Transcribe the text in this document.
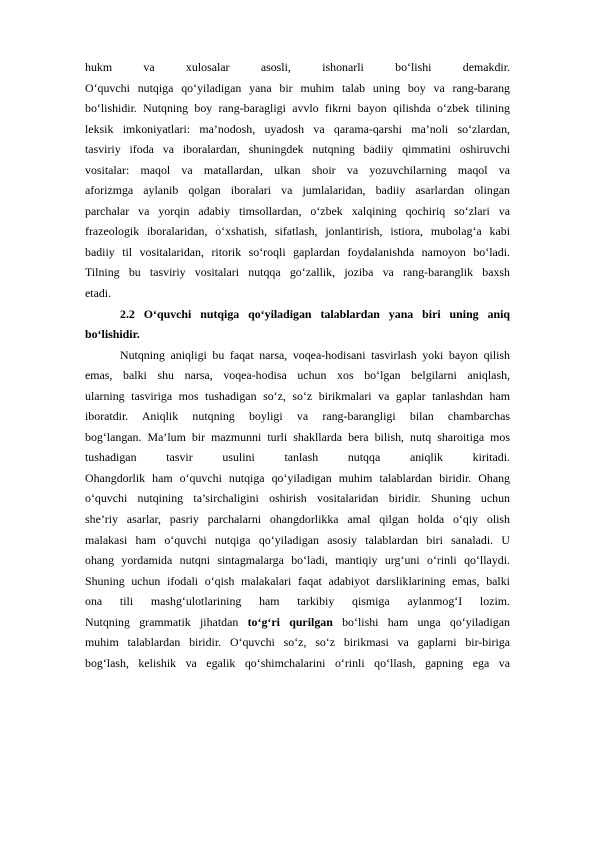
hukm va xulosalar asosli, ishonarli bo‘lishi demakdir.
O‘quvchi nutqiga qo‘yiladigan yana bir muhim talab uning boy va rang-barang
bo‘lishidir. Nutqning boy rang-baragligi avvlo fikrni bayon qilishda o‘zbek tilining
leksik imkoniyatlari: ma’nodosh, uyadosh va qarama-qarshi ma’noli so‘zlardan,
tasviriy ifoda va iboralardan, shuningdek nutqning badiiy qimmatini oshiruvchi
vositalar: maqol va matallardan, ulkan shoir va yozuvchilarning maqol va
aforizmga aylanib qolgan iboralari va jumlalaridan, badiiy asarlardan olingan
parchalar va yorqin adabiy timsollardan, o‘zbek xalqining qochiriq so‘zlari va
frazeologik iboralaridan, o‘xshatish, sifatlash, jonlantirish, istiora, mubolag‘a kabi
badiiy til vositalaridan, ritorik so‘roqli gaplardan foydalanishda namoyon bo‘ladi.
Tilning bu tasviriy vositalari nutqqa go‘zallik, joziba va rang-baranglik baxsh
etadi.
2.2 O‘quvchi nutqiga qo‘yiladigan talablardan yana biri uning aniq
bo‘lishidir.
Nutqning aniqligi bu faqat narsa, voqea-hodisani tasvirlash yoki bayon qilish
emas, balki shu narsa, voqea-hodisa uchun xos bo‘lgan belgilarni aniqlash,
ularning tasviriga mos tushadigan so‘z, so‘z birikmalari va gaplar tanlashdan ham
iboratdir. Aniqlik nutqning boyligi va rang-barangligi bilan chambarchas
bog‘langan. Ma’lum bir mazmunni turli shakllarda bera bilish, nutq sharoitiga mos
tushadigan tasvir usulini tanlash nutqqa aniqlik kiritadi.
Ohangdorlik ham o‘quvchi nutqiga qo‘yiladigan muhim talablardan biridir. Ohang
o‘quvchi nutqining ta’sirchaligini oshirish vositalaridan biridir. Shuning uchun
she’riy asarlar, pasriy parchalarni ohangdorlikka amal qilgan holda o‘qiy olish
malakasi ham o‘quvchi nutqiga qo‘yiladigan asosiy talablardan biri sanaladi. U
ohang yordamida nutqni sintagmalarga bo‘ladi, mantiqiy urg‘uni o‘rinli qo‘llaydi.
Shuning uchun ifodali o‘qish malakalari faqat adabiyot darsliklarining emas, balki
ona tili mashg‘ulotlarining ham tarkibiy qismiga aylanmog‘I lozim.
Nutqning grammatik jihatdan to‘g‘ri qurilgan bo‘lishi ham unga qo‘yiladigan
muhim talablardan biridir. O‘quvchi so‘z, so‘z birikmasi va gaplarni bir-biriga
bog‘lash, kelishik va egalik qo‘shimchalarini o‘rinli qo‘llash, gapning ega va
